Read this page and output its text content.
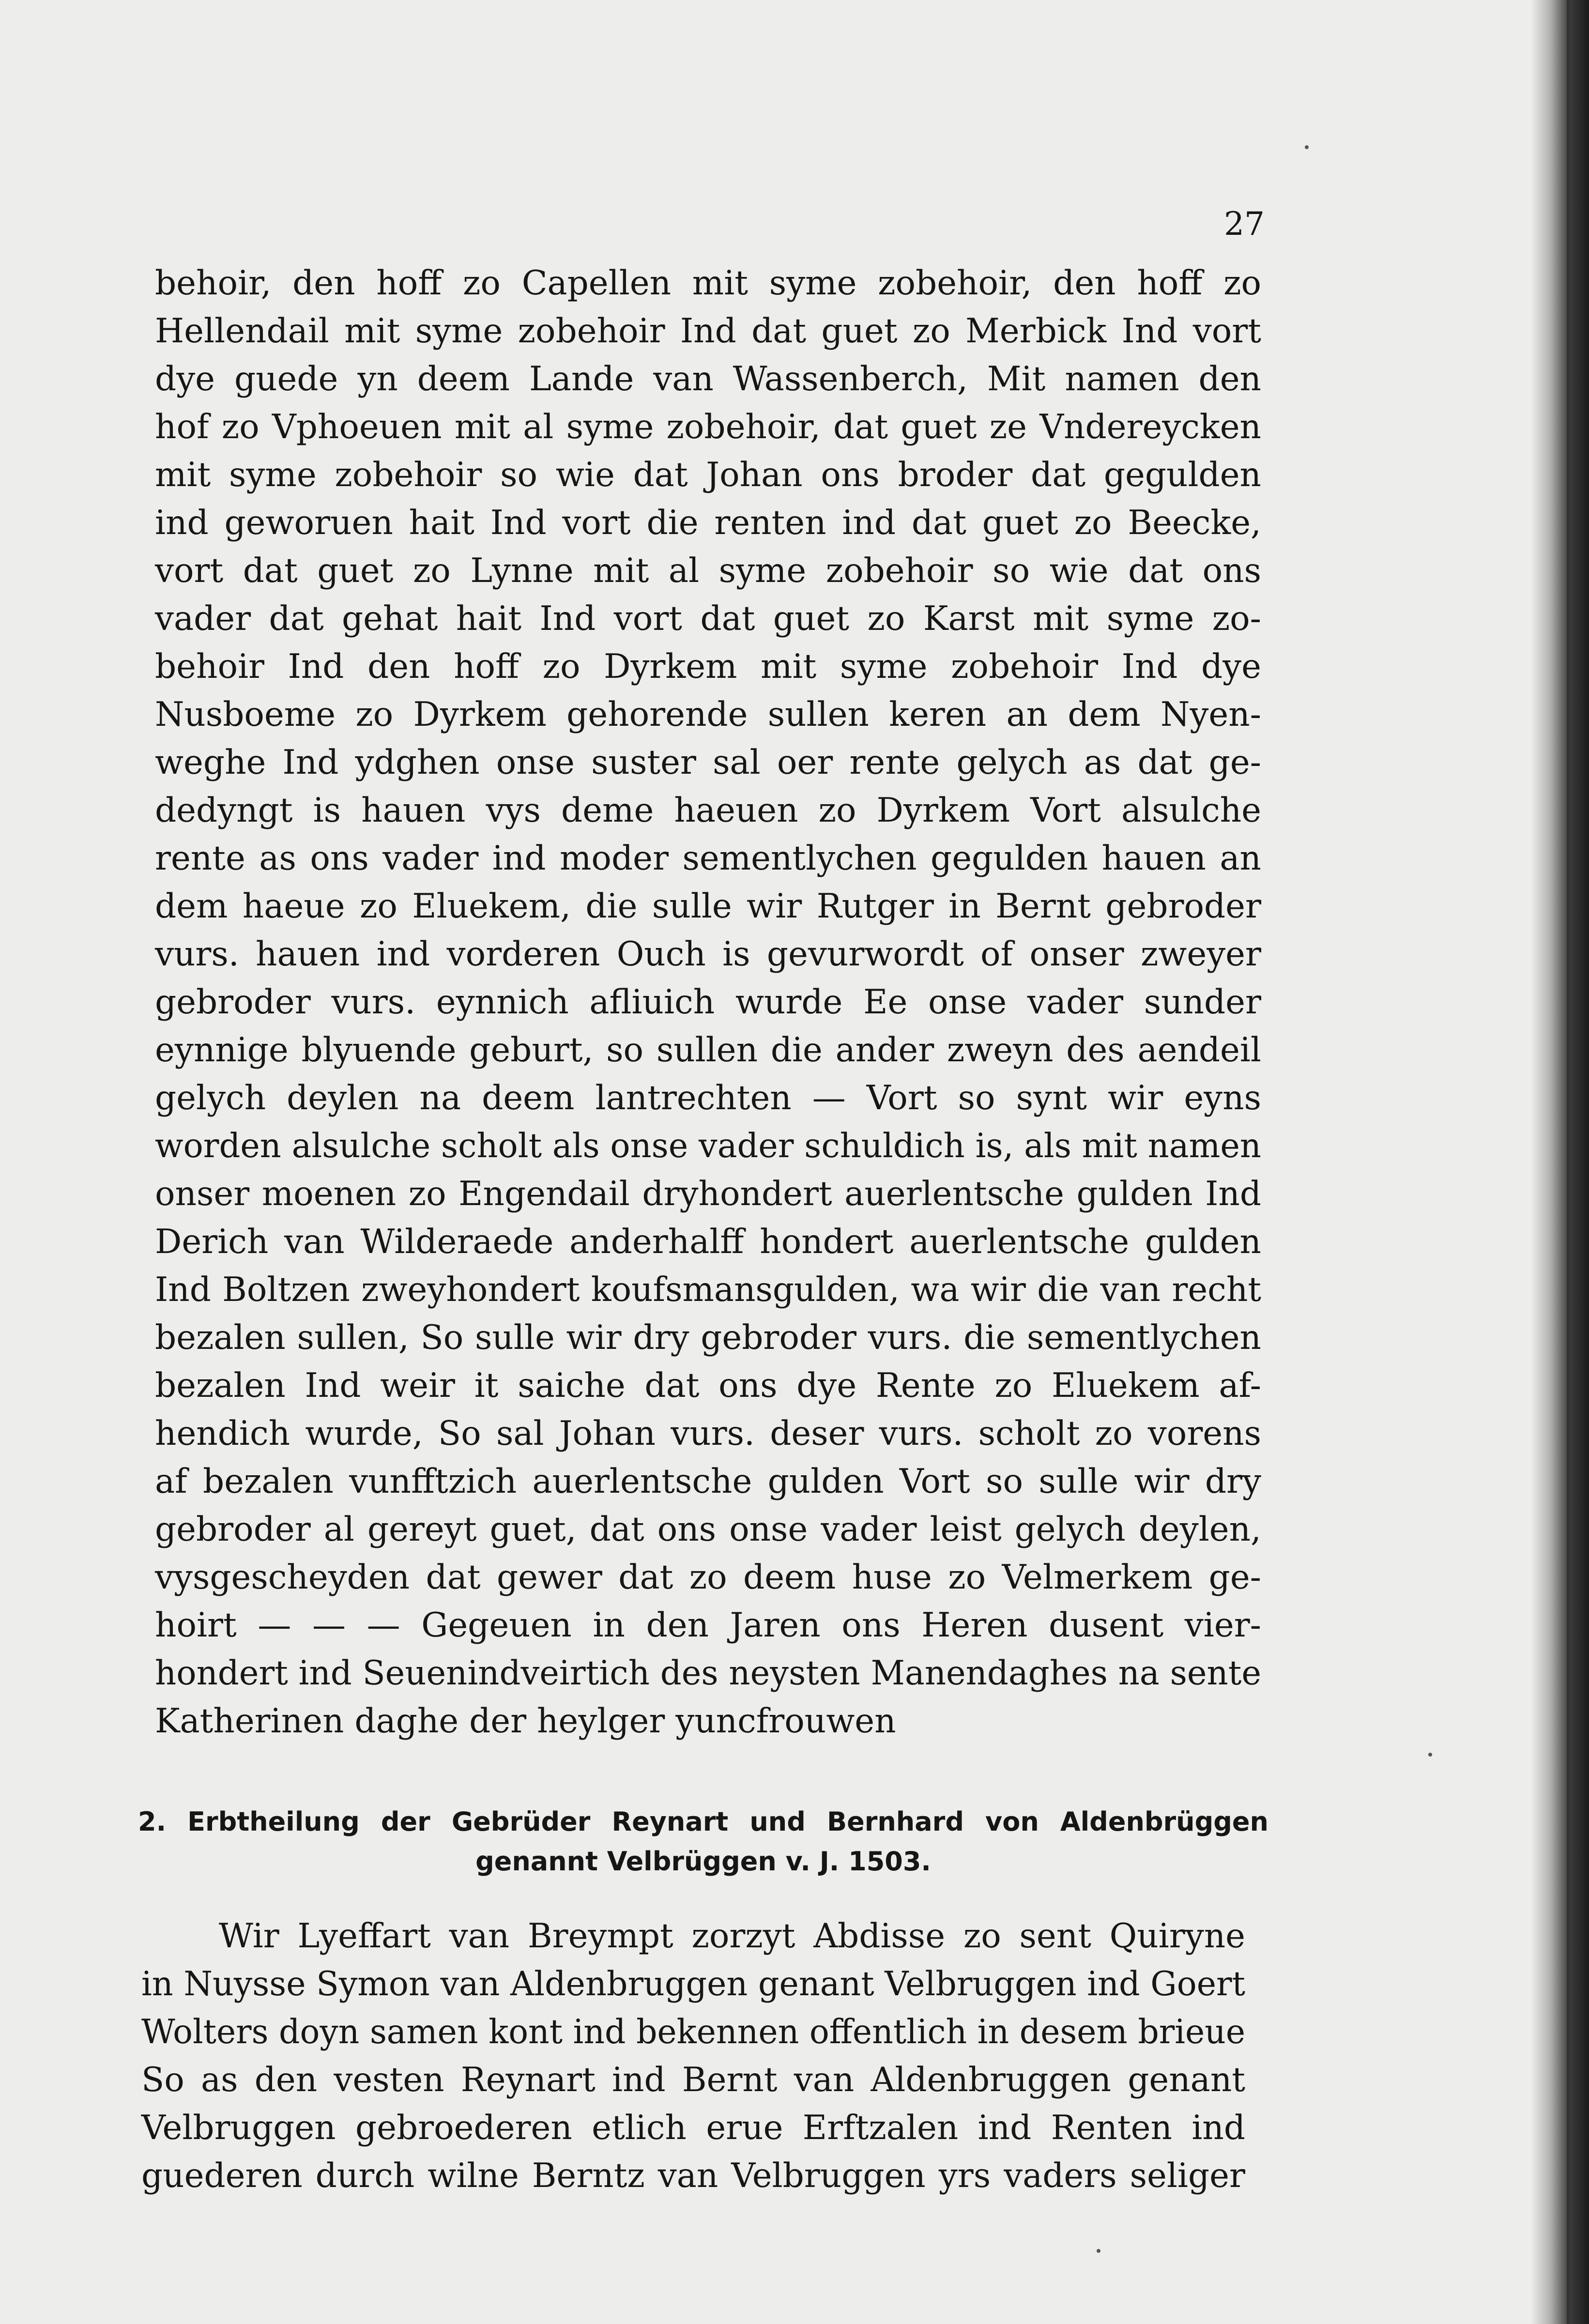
27
behoir, den hoff zo Capellen mit syme zobehoir, den hoff zo
Hellendail mit syme zobehoir Ind dat guet zo Merbick Ind vort
dye guede yn deem Lande van Wassenberch, Mit namen den
hof zo Vphoeuen mit al syme zobehoir, dat guet ze Vndereycken
mit syme zobehoir so wie dat Johan ons broder dat gegulden
ind geworuen hait Ind vort die renten ind dat guet zo Beecke,
vort dat guet zo Lynne mit al syme zobehoir so wie dat ons
vader dat gehat hait Ind vort dat guet zo Karst mit syme zo-
behoir Ind den hoff zo Dyrkem mit syme zobehoir Ind dye
Nusboeme zo Dyrkem gehorende sullen keren an dem Nyen-
weghe Ind ydghen onse suster sal oer rente gelych as dat ge-
dedyngt is hauen vys deme haeuen zo Dyrkem Vort alsulche
rente as ons vader ind moder sementlychen gegulden hauen an
dem haeue zo Eluekem, die sulle wir Rutger in Bernt gebroder
vurs. hauen ind vorderen Ouch is gevurwordt of onser zweyer
gebroder vurs. eynnich afliuich wurde Ee onse vader sunder
eynnige blyuende geburt, so sullen die ander zweyn des aendeil
gelych deylen na deem lantrechten — Vort so synt wir eyns
worden alsulche scholt als onse vader schuldich is, als mit namen
onser moenen zo Engendail dryhondert auerlentsche gulden Ind
Derich van Wilderaede anderhalff hondert auerlentsche gulden
Ind Boltzen zweyhondert koufsmansgulden, wa wir die van recht
bezalen sullen, So sulle wir dry gebroder vurs. die sementlychen
bezalen Ind weir it saiche dat ons dye Rente zo Eluekem af-
hendich wurde, So sal Johan vurs. deser vurs. scholt zo vorens
af bezalen vunfftzich auerlentsche gulden Vort so sulle wir dry
gebroder al gereyt guet, dat ons onse vader leist gelych deylen,
vysgescheyden dat gewer dat zo deem huse zo Velmerkem ge-
hoirt — — — Gegeuen in den Jaren ons Heren dusent vier-
hondert ind Seuenindveirtich des neysten Manendaghes na sente
Katherinen daghe der heylger yuncfrouwen
2. Erbtheilung der Gebrüder Reynart und Bernhard von Aldenbrüggen
genannt Velbrüggen v. J. 1503.
Wir Lyeffart van Breympt zorzyt Abdisse zo sent Quiryne
in Nuysse Symon van Aldenbruggen genant Velbruggen ind Goert
Wolters doyn samen kont ind bekennen offentlich in desem brieue
So as den vesten Reynart ind Bernt van Aldenbruggen genant
Velbruggen gebroederen etlich erue Erftzalen ind Renten ind
guederen durch wilne Berntz van Velbruggen yrs vaders seliger
